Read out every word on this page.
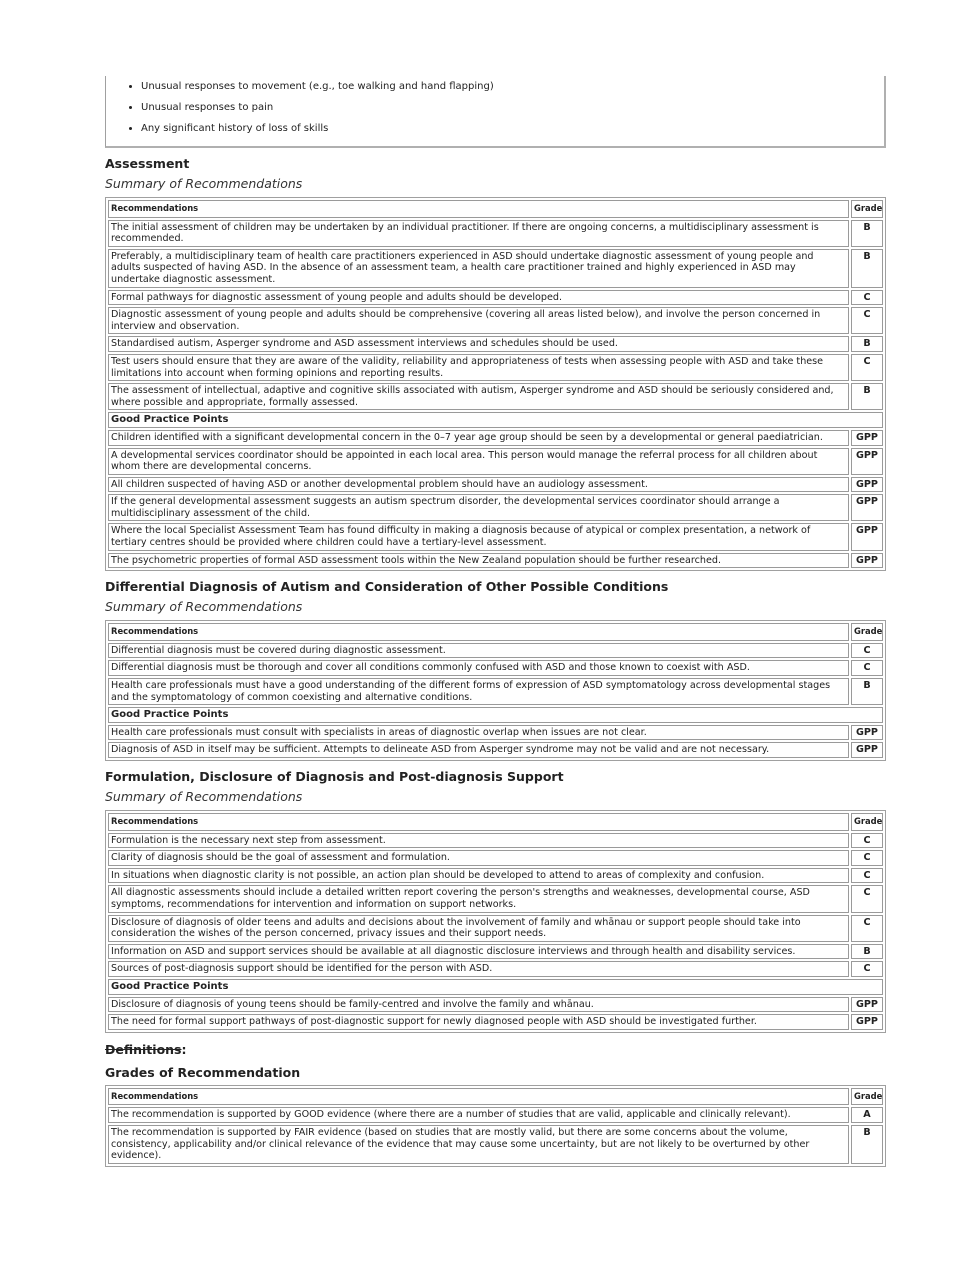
• Unusual responses to movement (e.g., toe walking and hand flapping)
• Unusual responses to pain
• Any significant history of loss of skills
Assessment
Summary of Recommendations
Recommendations	Grade
The initial assessment of children may be undertaken by an individual practitioner. If there are ongoing concerns, a multidisciplinary assessment is recommended.	B
Preferably, a multidisciplinary team of health care practitioners experienced in ASD should undertake diagnostic assessment of young people and adults suspected of having ASD. In the absence of an assessment team, a health care practitioner trained and highly experienced in ASD may undertake diagnostic assessment.	B
Formal pathways for diagnostic assessment of young people and adults should be developed.	C
Diagnostic assessment of young people and adults should be comprehensive (covering all areas listed below), and involve the person concerned in interview and observation.	C
Standardised autism, Asperger syndrome and ASD assessment interviews and schedules should be used.	B
Test users should ensure that they are aware of the validity, reliability and appropriateness of tests when assessing people with ASD and take these limitations into account when forming opinions and reporting results.	C
The assessment of intellectual, adaptive and cognitive skills associated with autism, Asperger syndrome and ASD should be seriously considered and, where possible and appropriate, formally assessed.	B
Good Practice Points	
Children identified with a significant developmental concern in the 0–7 year age group should be seen by a developmental or general paediatrician.	GPP
A developmental services coordinator should be appointed in each local area. This person would manage the referral process for all children about whom there are developmental concerns.	GPP
All children suspected of having ASD or another developmental problem should have an audiology assessment.	GPP
If the general developmental assessment suggests an autism spectrum disorder, the developmental services coordinator should arrange a multidisciplinary assessment of the child.	GPP
Where the local Specialist Assessment Team has found difficulty in making a diagnosis because of atypical or complex presentation, a network of tertiary centres should be provided where children could have a tertiary-level assessment.	GPP
The psychometric properties of formal ASD assessment tools within the New Zealand population should be further researched.	GPP
Differential Diagnosis of Autism and Consideration of Other Possible Conditions
Summary of Recommendations
Recommendations	Grade
Differential diagnosis must be covered during diagnostic assessment.	C
Differential diagnosis must be thorough and cover all conditions commonly confused with ASD and those known to coexist with ASD.	C
Health care professionals must have a good understanding of the different forms of expression of ASD symptomatology across developmental stages and the symptomatology of common coexisting and alternative conditions.	B
Good Practice Points	
Health care professionals must consult with specialists in areas of diagnostic overlap when issues are not clear.	GPP
Diagnosis of ASD in itself may be sufficient. Attempts to delineate ASD from Asperger syndrome may not be valid and are not necessary.	GPP
Formulation, Disclosure of Diagnosis and Post-diagnosis Support
Summary of Recommendations
Recommendations	Grade
Formulation is the necessary next step from assessment.	C
Clarity of diagnosis should be the goal of assessment and formulation.	C
In situations when diagnostic clarity is not possible, an action plan should be developed to attend to areas of complexity and confusion.	C
All diagnostic assessments should include a detailed written report covering the person's strengths and weaknesses, developmental course, ASD symptoms, recommendations for intervention and information on support networks.	C
Disclosure of diagnosis of older teens and adults and decisions about the involvement of family and whānau or support people should take into consideration the wishes of the person concerned, privacy issues and their support needs.	C
Information on ASD and support services should be available at all diagnostic disclosure interviews and through health and disability services.	B
Sources of post-diagnosis support should be identified for the person with ASD.	C
Good Practice Points	
Disclosure of diagnosis of young teens should be family-centred and involve the family and whānau.	GPP
The need for formal support pathways of post-diagnostic support for newly diagnosed people with ASD should be investigated further.	GPP
Definitions:
Grades of Recommendation
Recommendations	Grade
The recommendation is supported by GOOD evidence (where there are a number of studies that are valid, applicable and clinically relevant).	A
The recommendation is supported by FAIR evidence (based on studies that are mostly valid, but there are some concerns about the volume, consistency, applicability and/or clinical relevance of the evidence that may cause some uncertainty, but are not likely to be overturned by other evidence).	B
